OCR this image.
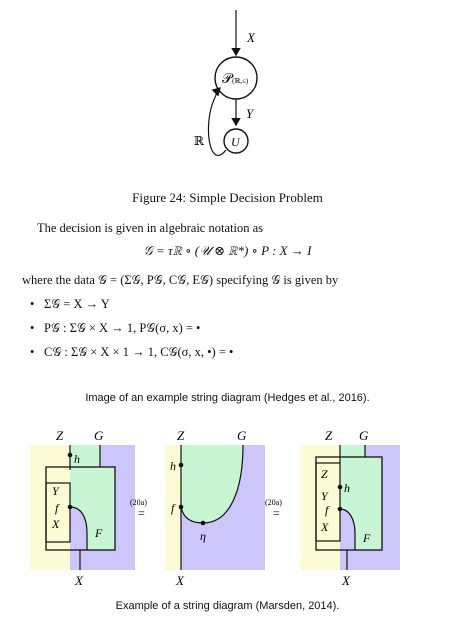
X
𝒫(ℝ,≤)
Y
U
ℝ
Figure 24: Simple Decision Problem
The decision is given in algebraic notation as
𝒢 = τℝ ∘ (𝒰 ⊗ ℝ*) ∘ P : X → I
where the data 𝒢 = (Σ𝒢, P𝒢, C𝒢, E𝒢) specifying 𝒢 is given by
• Σ𝒢 = X → Y
• P𝒢 : Σ𝒢 × X → 1, P𝒢(σ, x) = •
• C𝒢 : Σ𝒢 × X × 1 → 1, C𝒢(σ, x, •) = •
Image of an example string diagram (Hedges et al., 2016).
Z G
h
Y
f
X
F
X
(20a)
=
Z	G
h
f
η
X
(20a)
=
Z G
Z
h
Y
f
X
F
X
Example of a string diagram (Marsden, 2014).
